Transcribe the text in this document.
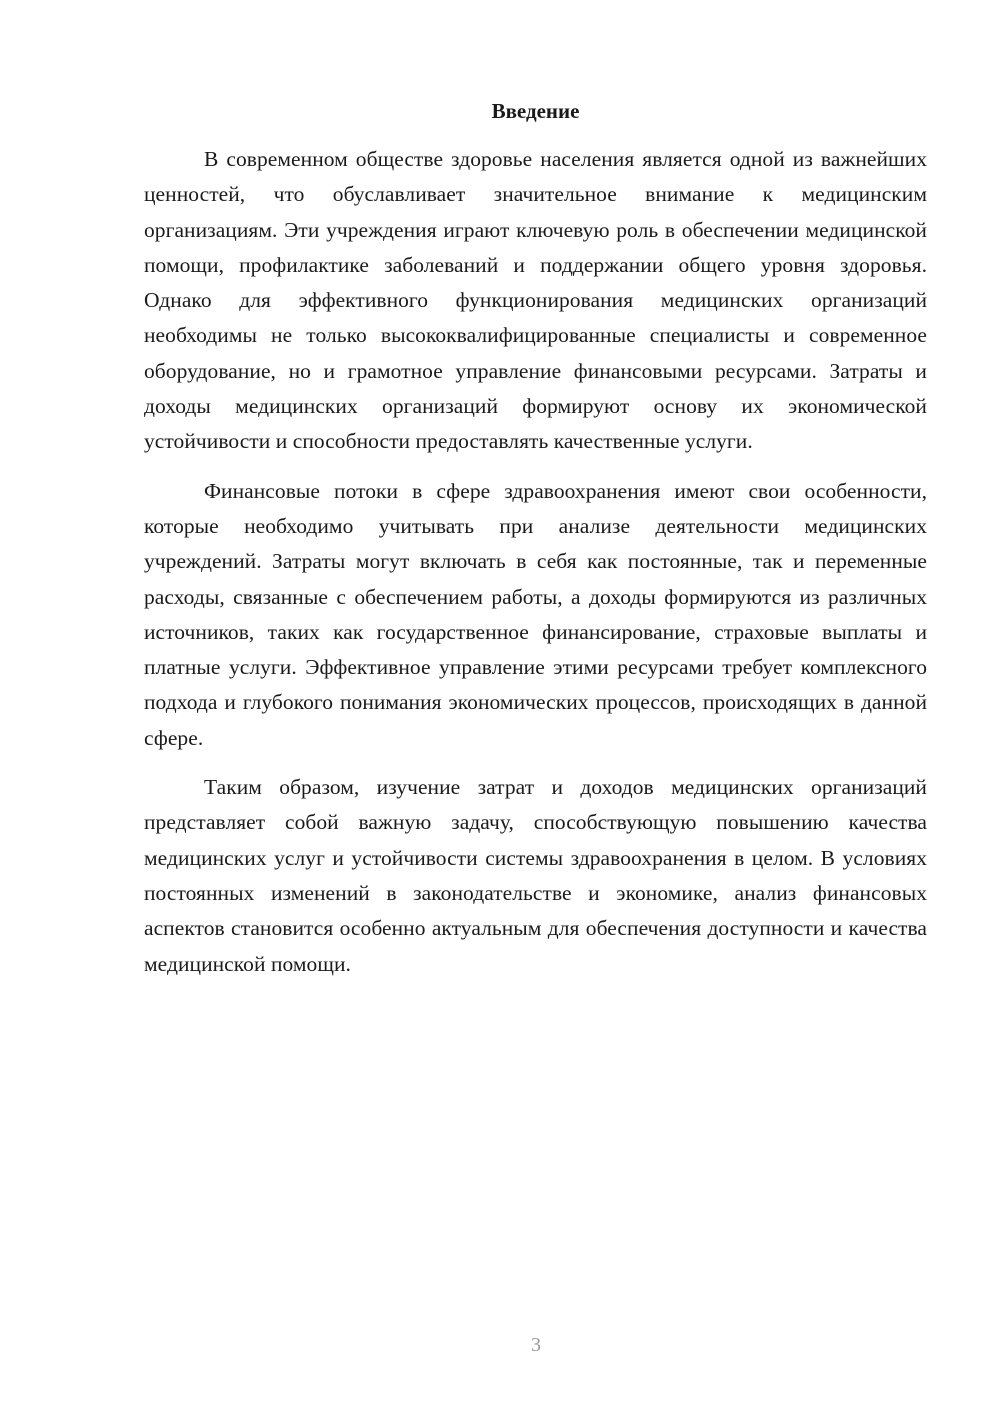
Введение

В современном обществе здоровье населения является одной из важнейших ценностей, что обуславливает значительное внимание к медицинским организациям. Эти учреждения играют ключевую роль в обеспечении медицинской помощи, профилактике заболеваний и поддержании общего уровня здоровья. Однако для эффективного функционирования медицинских организаций необходимы не только высококвалифицированные специалисты и современное оборудование, но и грамотное управление финансовыми ресурсами. Затраты и доходы медицинских организаций формируют основу их экономической устойчивости и способности предоставлять качественные услуги.

Финансовые потоки в сфере здравоохранения имеют свои особенности, которые необходимо учитывать при анализе деятельности медицинских учреждений. Затраты могут включать в себя как постоянные, так и переменные расходы, связанные с обеспечением работы, а доходы формируются из различных источников, таких как государственное финансирование, страховые выплаты и платные услуги. Эффективное управление этими ресурсами требует комплексного подхода и глубокого понимания экономических процессов, происходящих в данной сфере.

Таким образом, изучение затрат и доходов медицинских организаций представляет собой важную задачу, способствующую повышению качества медицинских услуг и устойчивости системы здравоохранения в целом. В условиях постоянных изменений в законодательстве и экономике, анализ финансовых аспектов становится особенно актуальным для обеспечения доступности и качества медицинской помощи.

3
